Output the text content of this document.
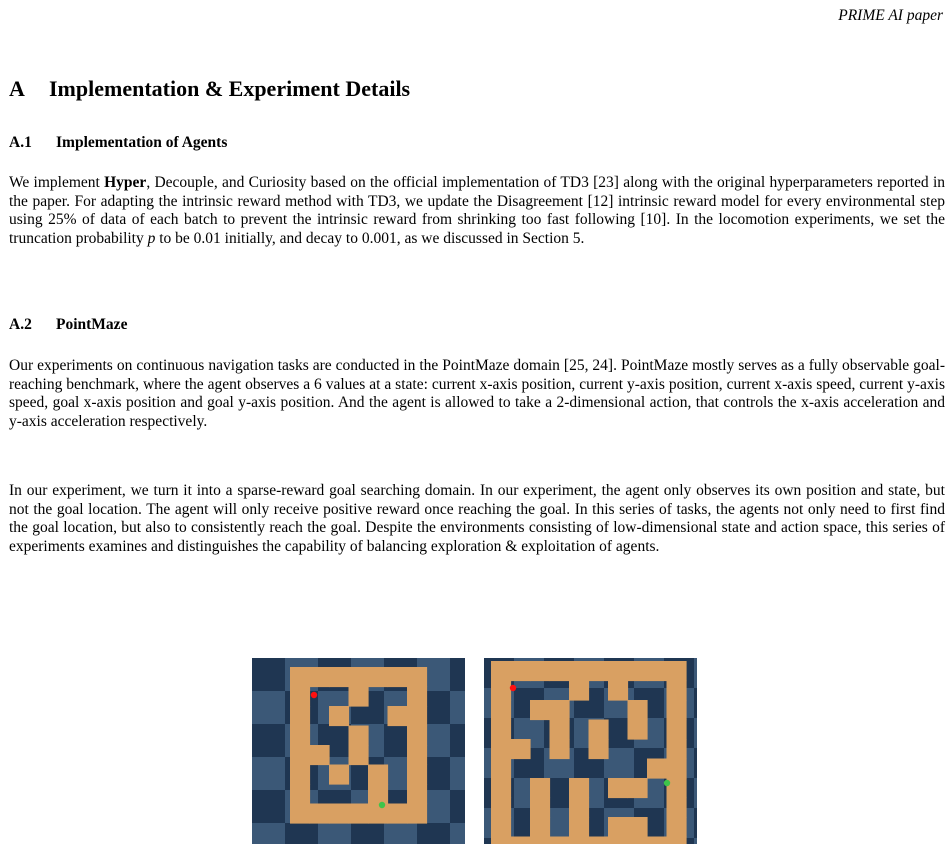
PRIME AI paper
A Implementation & Experiment Details
A.1 Implementation of Agents

We implement Hyper, Decouple, and Curiosity based on the official implementation of TD3 [23] along with the original hyperparameters reported in the paper. For adapting the intrinsic reward method with TD3, we update the Disagreement [12] intrinsic reward model for every environmental step using 25% of data of each batch to prevent the intrinsic reward from shrinking too fast following [10]. In the locomotion experiments, we set the truncation probability p to be 0.01 initially, and decay to 0.001, as we discussed in Section 5.

A.2 PointMaze

Our experiments on continuous navigation tasks are conducted in the PointMaze domain [25, 24]. PointMaze mostly serves as a fully observable goal-reaching benchmark, where the agent observes a 6 values at a state: current x-axis position, current y-axis position, current x-axis speed, current y-axis speed, goal x-axis position and goal y-axis position. And the agent is allowed to take a 2-dimensional action, that controls the x-axis acceleration and y-axis acceleration respectively.

In our experiment, we turn it into a sparse-reward goal searching domain. In our experiment, the agent only observes its own position and state, but not the goal location. The agent will only receive positive reward once reaching the goal. In this series of tasks, the agents not only need to first find the goal location, but also to consistently reach the goal. Despite the environments consisting of low-dimensional state and action space, this series of experiments examines and distinguishes the capability of balancing exploration & exploitation of agents.
